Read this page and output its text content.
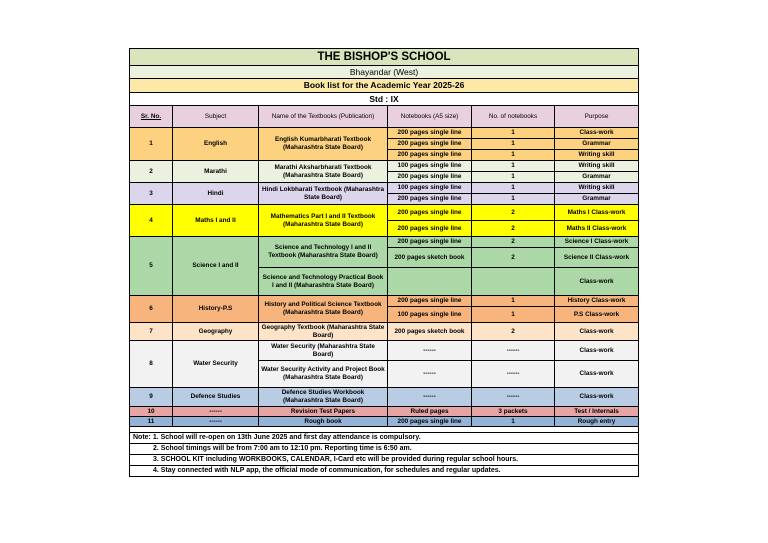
THE BISHOP'S SCHOOL					
Bhayandar (West)					
Book list for the Academic Year 2025-26					
Std : IX					
Sr. No.	Subject	Name of the Textbooks (Publication)	Notebooks (A5 size)	No. of notebooks	Purpose
1	English	English Kumarbharati Textbook (Maharashtra State Board)	200 pages single line	1	Class-work
			200 pages single line	1	Grammar
			200 pages single line	1	Writing skill
2	Marathi	Marathi Aksharbharati Textbook (Maharashtra State Board)	100 pages single line	1	Writing skill
			200 pages single line	1	Grammar
3	Hindi	Hindi Lokbharati Textbook (Maharashtra State Board)	100 pages single line	1	Writing skill
			200 pages single line	1	Grammar
4	Maths I and II	Mathematics Part I and II Textbook (Maharashtra State Board)	200 pages single line	2	Maths I Class-work
			200 pages single line	2	Maths II Class-work
5	Science I and II	Science and Technology I and II Textbook (Maharashtra State Board)	200 pages single line	2	Science I Class-work
			200 pages sketch book	2	Science II Class-work
		Science and Technology Practical Book I and II (Maharashtra State Board)			Class-work
6	History-P.S	History and Political Science Textbook (Maharashtra State Board)	200 pages single line	1	History Class-work
			100 pages single line	1	P.S Class-work
7	Geography	Geography Textbook (Maharashtra State Board)	200 pages sketch book	2	Class-work
8	Water Security	Water Security (Maharashtra State Board)	------	------	Class-work
		Water Security Activity and Project Book (Maharashtra State Board)	------	------	Class-work
9	Defence Studies	Defence Studies Workbook (Maharashtra State Board)	------	------	Class-work
10	------	Revision Test Papers	Ruled pages	3 packets	Test / Internals
11	------	Rough book	200 pages single line	1	Rough entry

Note: 1. School will re-open on 13th June 2025 and first day attendance is compulsory.					
2. School timings will be from 7:00 am to 12:10 pm. Reporting time is 6:50 am.					
3. SCHOOL KIT including WORKBOOKS, CALENDAR, I-Card etc will be provided during regular school hours.					
4. Stay connected with NLP app, the official mode of communication, for schedules and regular updates.					
